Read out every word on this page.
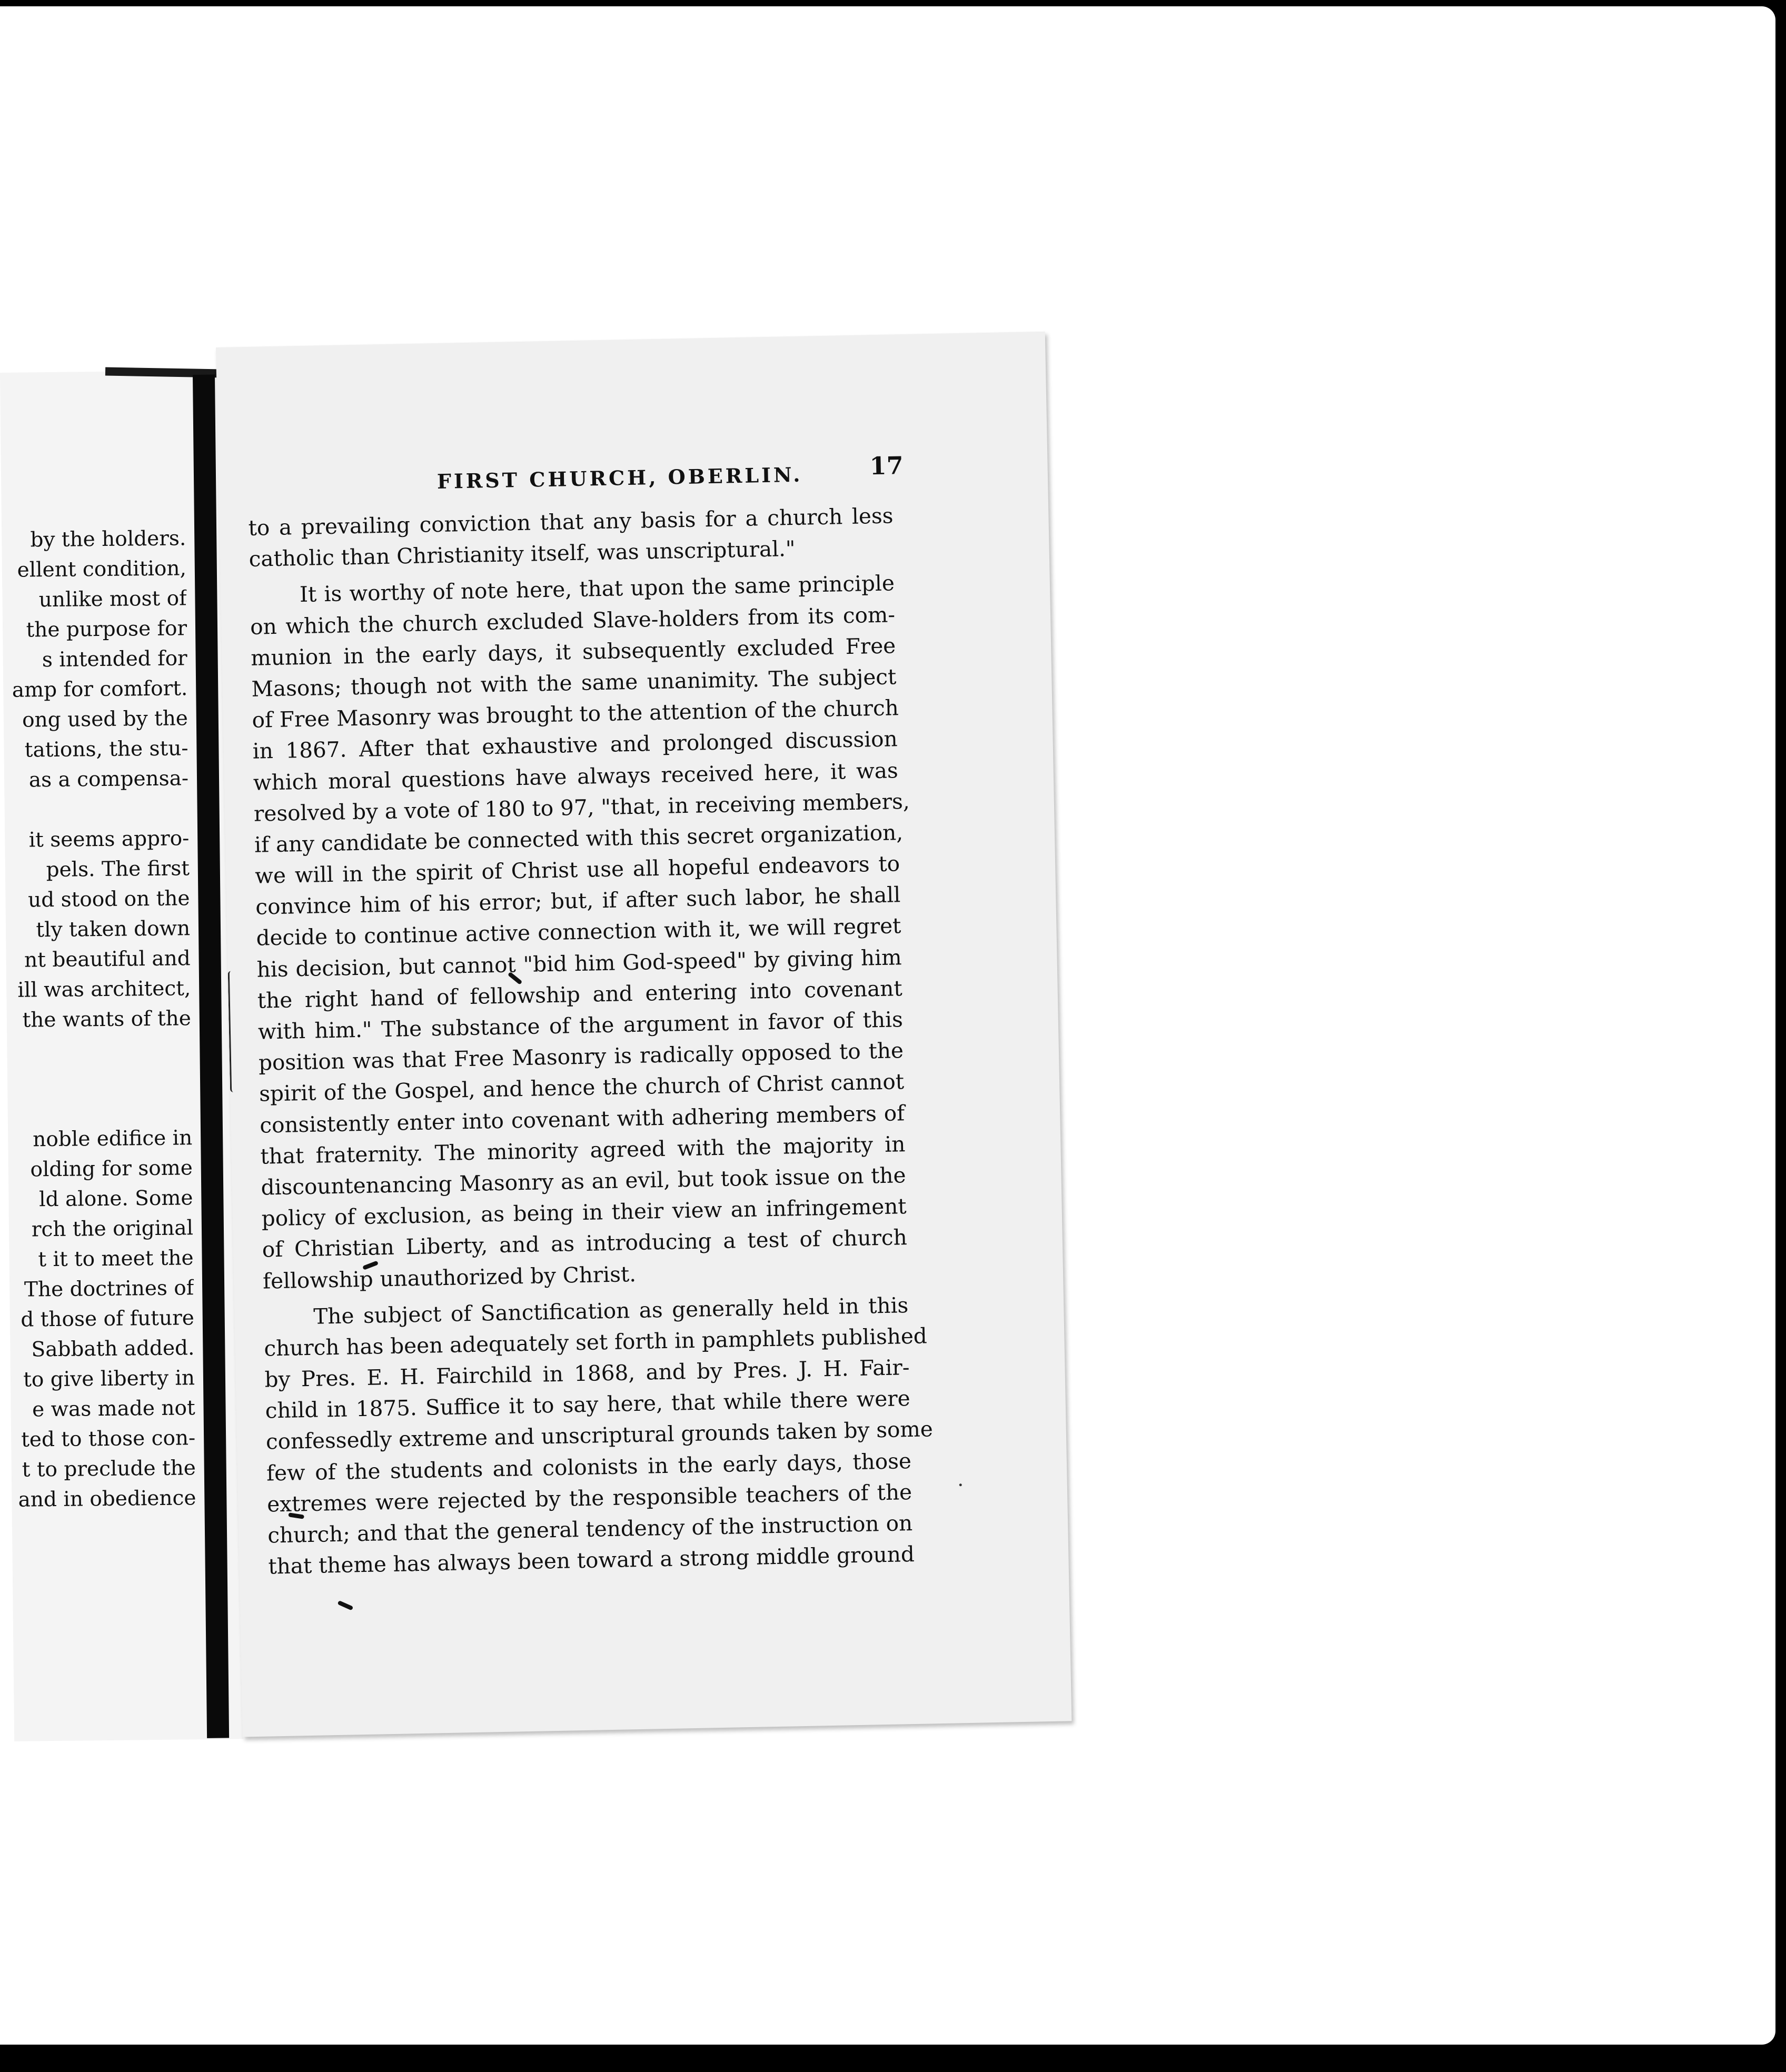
by the holders.
ellent condition,
unlike most of
the purpose for
s intended for
amp for comfort.
ong used by the
tations, the stu-
as a compensa-
it seems appro-
pels. The first
ud stood on the
tly taken down
nt beautiful and
ill was architect,
the wants of the
noble edifice in
olding for some
ld alone. Some
rch the original
t it to meet the
The doctrines of
d those of future
Sabbath added.
to give liberty in
e was made not
ted to those con-
t to preclude the
and in obedience
FIRST CHURCH, OBERLIN.	17
to a prevailing conviction that any basis for a church less
catholic than Christianity itself, was unscriptural."
It is worthy of note here, that upon the same principle
on which the church excluded Slave-holders from its com-
munion in the early days, it subsequently excluded Free
Masons; though not with the same unanimity. The subject
of Free Masonry was brought to the attention of the church
in 1867. After that exhaustive and prolonged discussion
which moral questions have always received here, it was
resolved by a vote of 180 to 97, "that, in receiving members,
if any candidate be connected with this secret organization,
we will in the spirit of Christ use all hopeful endeavors to
convince him of his error; but, if after such labor, he shall
decide to continue active connection with it, we will regret
his decision, but cannot "bid him God-speed" by giving him
the right hand of fellowship and entering into covenant
with him." The substance of the argument in favor of this
position was that Free Masonry is radically opposed to the
spirit of the Gospel, and hence the church of Christ cannot
consistently enter into covenant with adhering members of
that fraternity. The minority agreed with the majority in
discountenancing Masonry as an evil, but took issue on the
policy of exclusion, as being in their view an infringement
of Christian Liberty, and as introducing a test of church
fellowship unauthorized by Christ.
The subject of Sanctification as generally held in this
church has been adequately set forth in pamphlets published
by Pres. E. H. Fairchild in 1868, and by Pres. J. H. Fair-
child in 1875. Suffice it to say here, that while there were
confessedly extreme and unscriptural grounds taken by some
few of the students and colonists in the early days, those
extremes were rejected by the responsible teachers of the
church; and that the general tendency of the instruction on
that theme has always been toward a strong middle ground
